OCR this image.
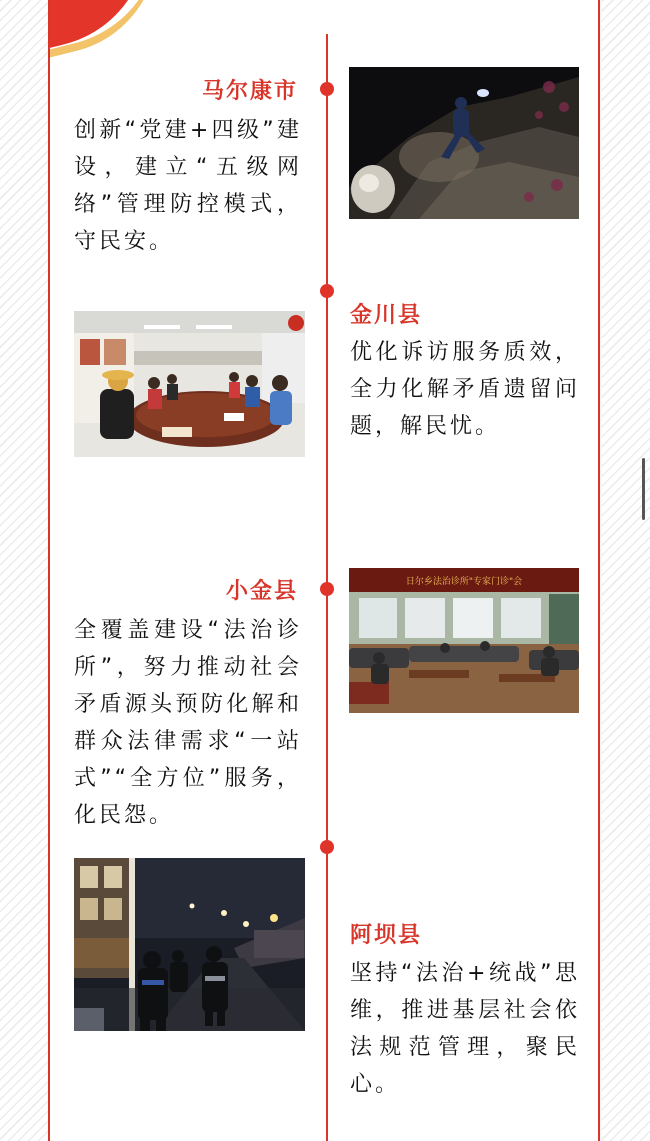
马尔康市
创新“党建+四级”建设，建立“五级网络”管理防控模式，守民安。
金川县
优化诉访服务质效，全力化解矛盾遗留问题，解民忧。
小金县
全覆盖建设“法治诊所”，努力推动社会矛盾源头预防化解和群众法律需求“一站式”“全方位”服务，化民怨。
日尔乡法治诊所"专家门诊"会
阿坝县
坚持“法治+统战”思维，推进基层社会依法规范管理，聚民心。
